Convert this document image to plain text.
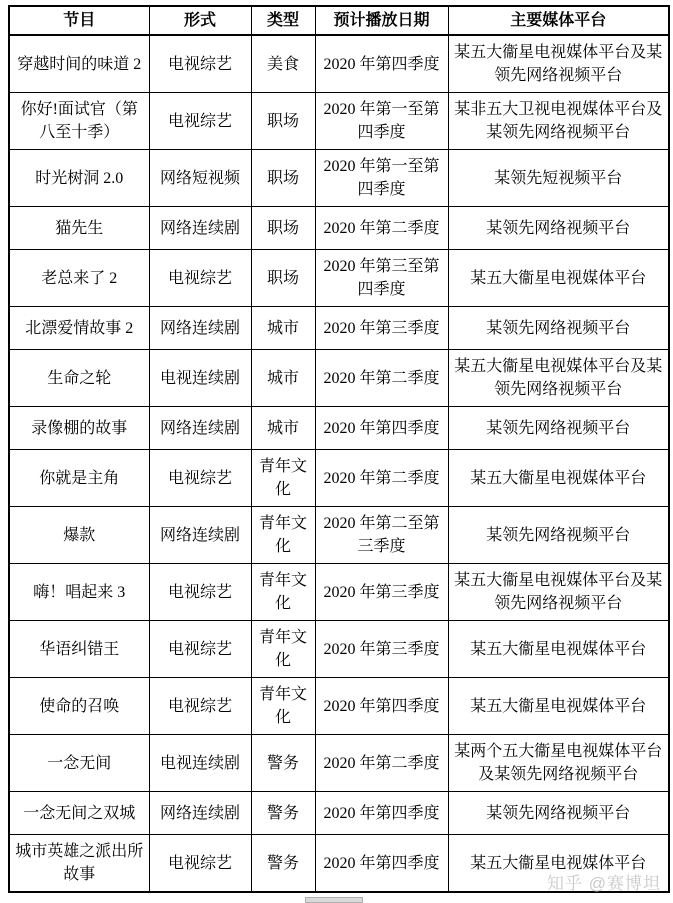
节目	形式	类型	预计播放日期	主要媒体平台
穿越时间的味道 2	电视综艺	美食	2020 年第四季度	某五大衞星电视媒体平台及某领先网络视频平台
你好!面试官（第八至十季）	电视综艺	职场	2020 年第一至第四季度	某非五大卫视电视媒体平台及某领先网络视频平台
时光树洞 2.0	网络短视频	职场	2020 年第一至第四季度	某领先短视频平台
猫先生	网络连续剧	职场	2020 年第二季度	某领先网络视频平台
老总来了 2	电视综艺	职场	2020 年第三至第四季度	某五大衞星电视媒体平台
北漂爱情故事 2	网络连续剧	城市	2020 年第三季度	某领先网络视频平台
生命之轮	电视连续剧	城市	2020 年第二季度	某五大衞星电视媒体平台及某领先网络视频平台
录像棚的故事	网络连续剧	城市	2020 年第四季度	某领先网络视频平台
你就是主角	电视综艺	青年文化	2020 年第二季度	某五大衞星电视媒体平台
爆款	网络连续剧	青年文化	2020 年第二至第三季度	某领先网络视频平台
嗨！唱起来 3	电视综艺	青年文化	2020 年第三季度	某五大衞星电视媒体平台及某领先网络视频平台
华语纠错王	电视综艺	青年文化	2020 年第三季度	某五大衞星电视媒体平台
使命的召唤	电视综艺	青年文化	2020 年第四季度	某五大衞星电视媒体平台
一念无间	电视连续剧	警务	2020 年第二季度	某两个五大衞星电视媒体平台及某领先网络视频平台
一念无间之双城	网络连续剧	警务	2020 年第四季度	某领先网络视频平台
城市英雄之派出所故事	电视综艺	警务	2020 年第四季度	某五大衞星电视媒体平台
知乎 @赛博坦
